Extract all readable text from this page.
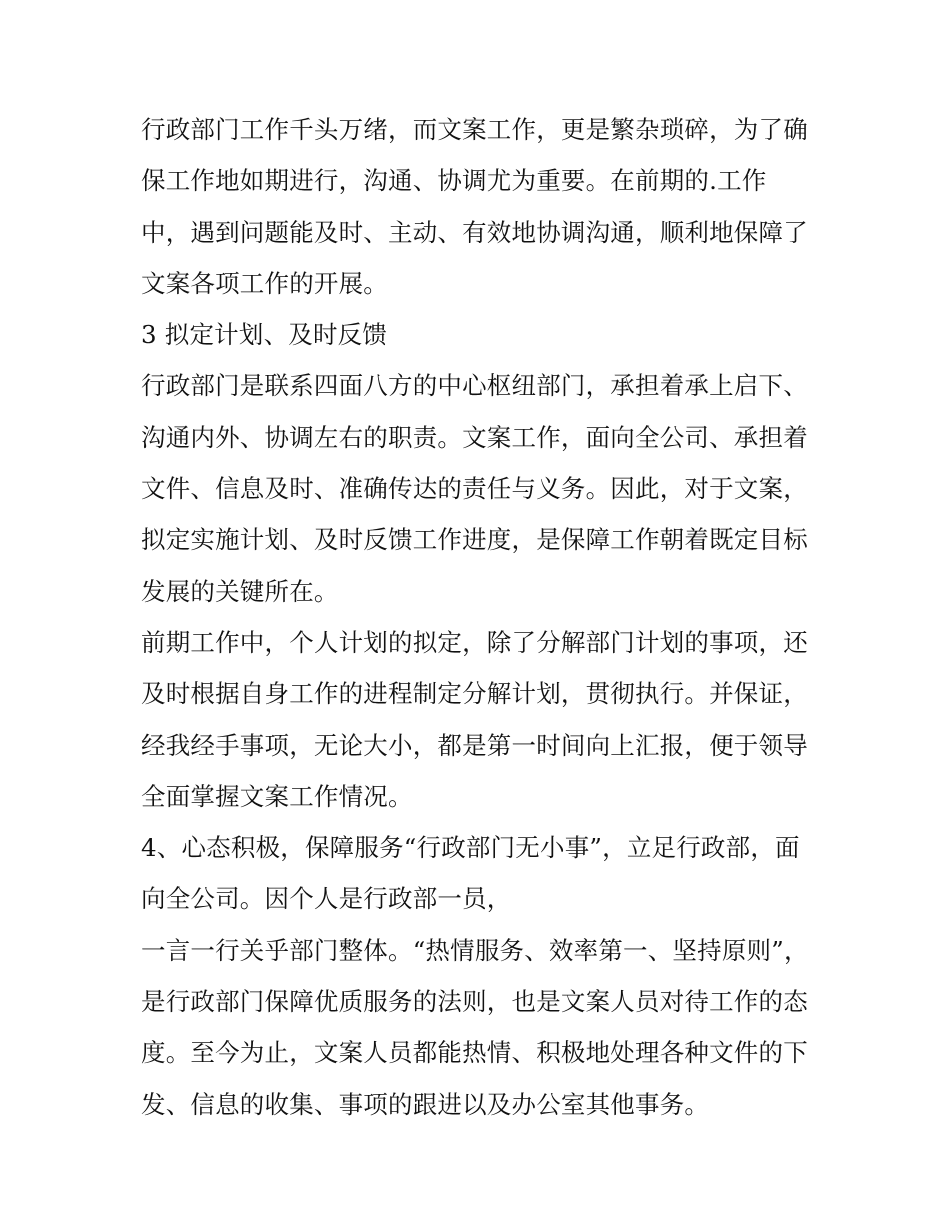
行政部门工作千头万绪，而文案工作，更是繁杂琐碎，为了确
保工作地如期进行，沟通、协调尤为重要。在前期的.工作
中，遇到问题能及时、主动、有效地协调沟通，顺利地保障了
文案各项工作的开展。
3 拟定计划、及时反馈
行政部门是联系四面八方的中心枢纽部门，承担着承上启下、
沟通内外、协调左右的职责。文案工作，面向全公司、承担着
文件、信息及时、准确传达的责任与义务。因此，对于文案，
拟定实施计划、及时反馈工作进度，是保障工作朝着既定目标
发展的关键所在。
前期工作中，个人计划的拟定，除了分解部门计划的事项，还
及时根据自身工作的进程制定分解计划，贯彻执行。并保证，
经我经手事项，无论大小，都是第一时间向上汇报，便于领导
全面掌握文案工作情况。
4、心态积极，保障服务“行政部门无小事”，立足行政部，面
向全公司。因个人是行政部一员，
一言一行关乎部门整体。“热情服务、效率第一、坚持原则”，
是行政部门保障优质服务的法则，也是文案人员对待工作的态
度。至今为止，文案人员都能热情、积极地处理各种文件的下
发、信息的收集、事项的跟进以及办公室其他事务。
